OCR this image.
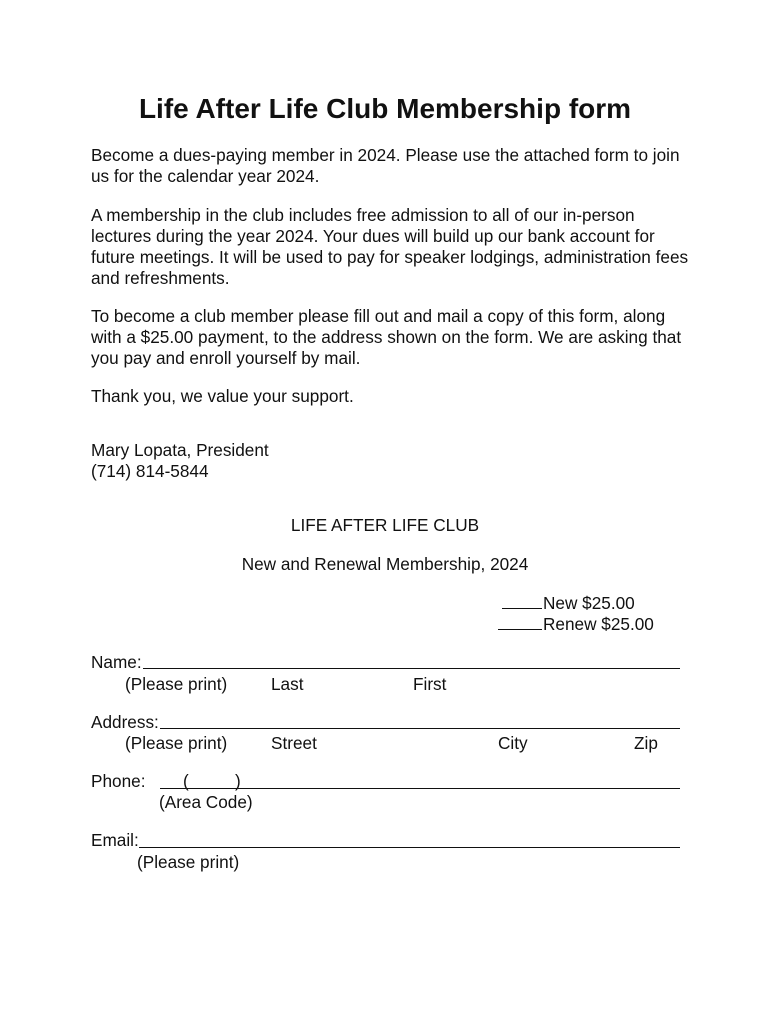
Life After Life Club Membership form

Become a dues-paying member in 2024. Please use the attached form to join us for the calendar year 2024.

A membership in the club includes free admission to all of our in-person lectures during the year 2024. Your dues will build up our bank account for future meetings. It will be used to pay for speaker lodgings, administration fees and refreshments.

To become a club member please fill out and mail a copy of this form, along with a $25.00 payment, to the address shown on the form. We are asking that you pay and enroll yourself by mail.

Thank you, we value your support.

Mary Lopata, President
(714) 814-5844
LIFE AFTER LIFE CLUB
New and Renewal Membership, 2024
New $25.00
Renew $25.00
Name:
(Please print)	Last	First
Address:
(Please print)	Street	City	Zip
Phone: (	)
(Area Code)
Email:
(Please print)
